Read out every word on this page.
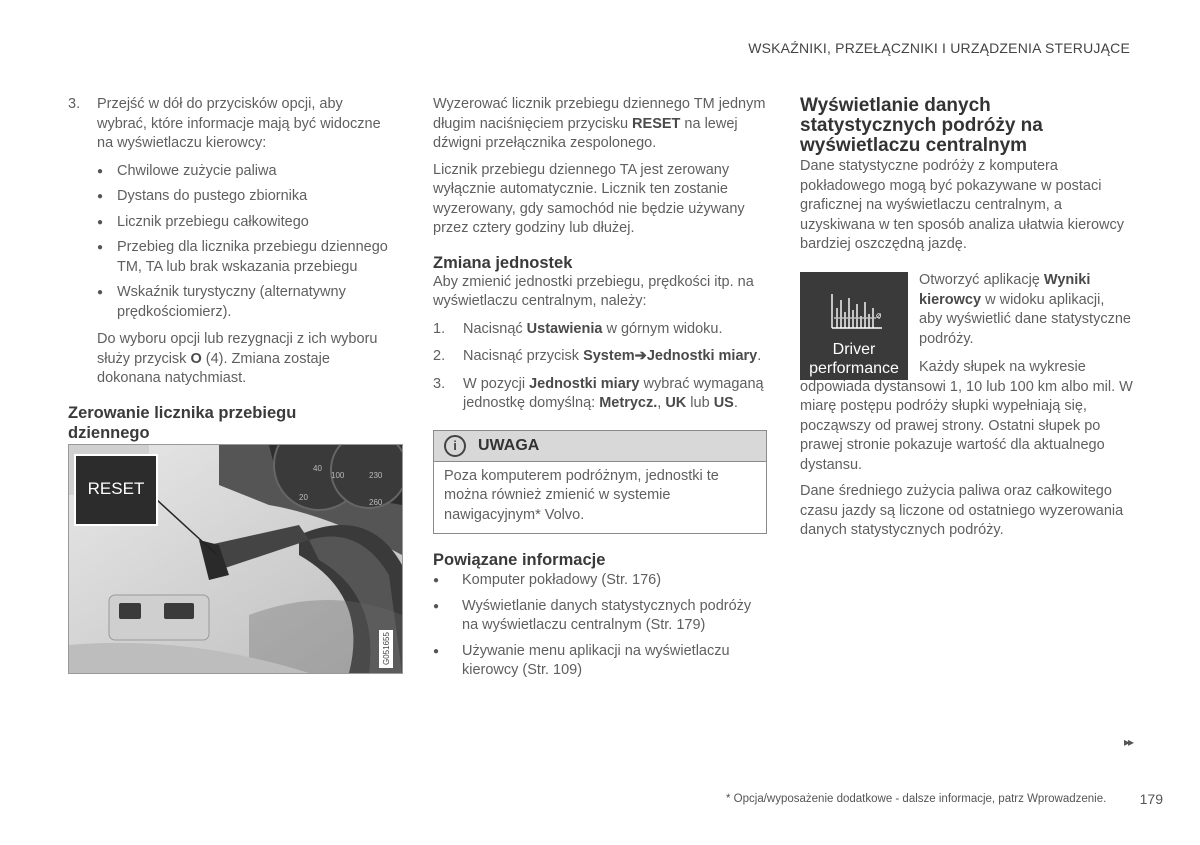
WSKAŹNIKI, PRZEŁĄCZNIKI I URZĄDZENIA STERUJĄCE
3. Przejść w dół do przycisków opcji, aby wybrać, które informacje mają być widoczne na wyświetlaczu kierowcy:
● Chwilowe zużycie paliwa
● Dystans do pustego zbiornika
● Licznik przebiegu całkowitego
● Przebieg dla licznika przebiegu dziennego TM, TA lub brak wskazania przebiegu
● Wskaźnik turystyczny (alternatywny prędkościomierz).

Do wyboru opcji lub rezygnacji z ich wyboru służy przycisk O (4). Zmiana zostaje dokonana natychmiast.

Zerowanie licznika przebiegu dziennego
20
100	230
260
40
RESET
G051655

Wyzerować licznik przebiegu dziennego TM jednym długim naciśnięciem przycisku RESET na lewej dźwigni przełącznika zespolonego.

Licznik przebiegu dziennego TA jest zerowany wyłącznie automatycznie. Licznik ten zostanie wyzerowany, gdy samochód nie będzie używany przez cztery godziny lub dłużej.

Zmiana jednostek

Aby zmienić jednostki przebiegu, prędkości itp. na wyświetlaczu centralnym, należy:

1. Nacisnąć Ustawienia w górnym widoku.
2. Nacisnąć przycisk System➔Jednostki miary.
3. W pozycji Jednostki miary wybrać wymaganą jednostkę domyślną: Metrycz., UK lub US.
i	UWAGA
Poza komputerem podróżnym, jednostki te można również zmienić w systemie nawigacyjnym* Volvo.
Powiązane informacje
● Komputer pokładowy (Str. 176)
● Wyświetlanie danych statystycznych podróży na wyświetlaczu centralnym (Str. 179)
● Używanie menu aplikacji na wyświetlaczu kierowcy (Str. 109)
Wyświetlanie danych statystycznych podróży na wyświetlaczu centralnym

Dane statystyczne podróży z komputera pokładowego mogą być pokazywane w postaci graficznej na wyświetlaczu centralnym, a uzyskiwana w ten sposób analiza ułatwia kierowcy bardziej oszczędną jazdę.

⌀
Driver
performance
Otworzyć aplikację Wyniki kierowcy w widoku aplikacji, aby wyświetlić dane statystyczne podróży.
Każdy słupek na wykresie odpowiada dystansowi 1, 10 lub 100 km albo mil. W miarę postępu podróży słupki wypełniają się, począwszy od prawej strony. Ostatni słupek po prawej stronie pokazuje wartość dla aktualnego dystansu.
Dane średniego zużycia paliwa oraz całkowitego czasu jazdy są liczone od ostatniego wyzerowania danych statystycznych podróży.
▸▸
* Opcja/wyposażenie dodatkowe - dalsze informacje, patrz Wprowadzenie.	179
